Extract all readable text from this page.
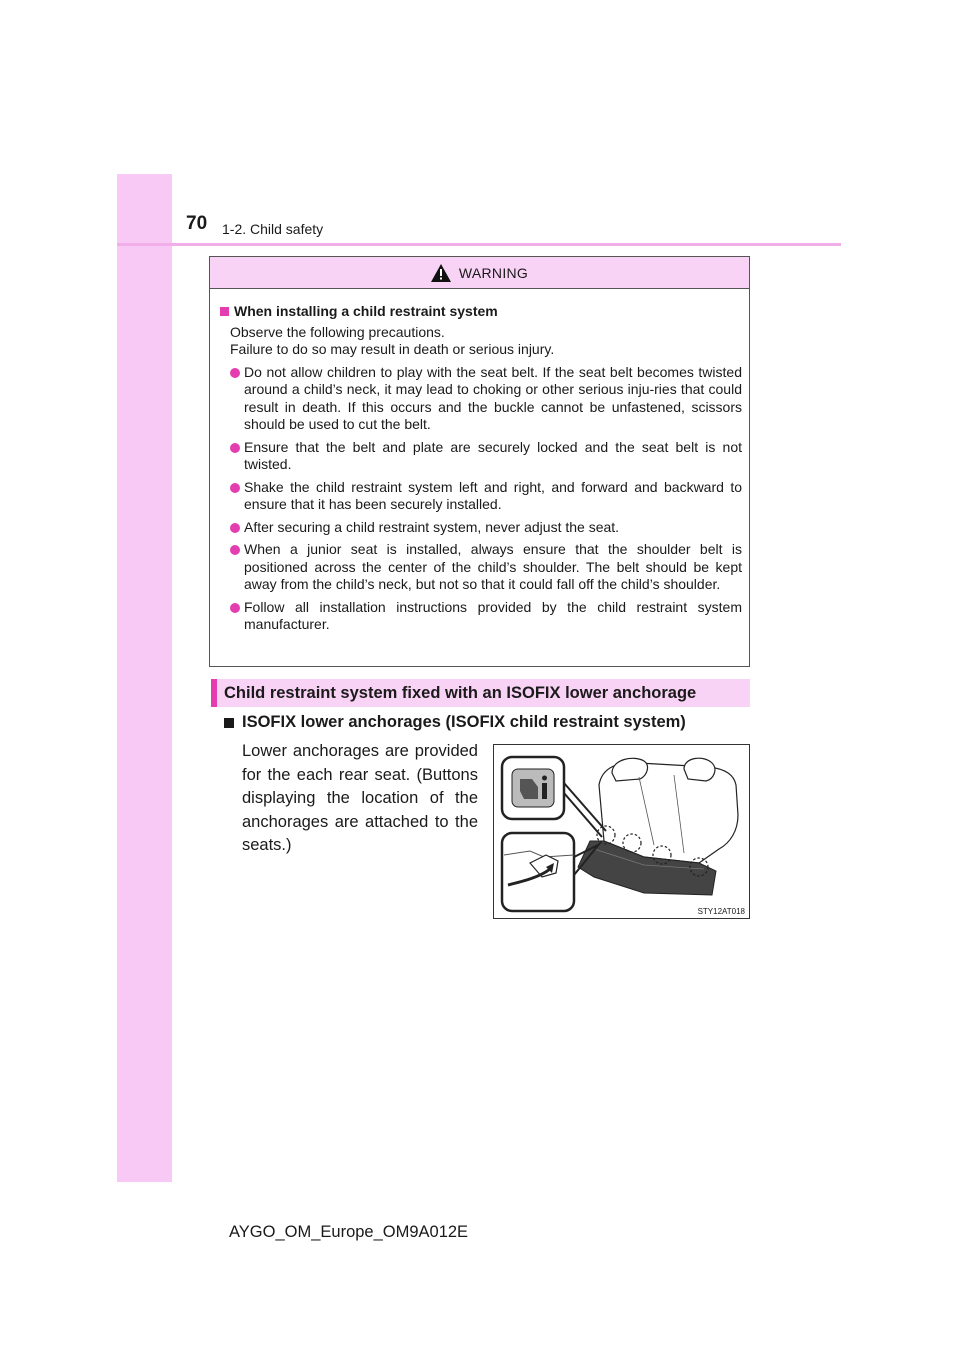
70 1-2. Child safety
WARNING
When installing a child restraint system
Observe the following precautions.
Failure to do so may result in death or serious injury.
Do not allow children to play with the seat belt. If the seat belt becomes twisted around a child’s neck, it may lead to choking or other serious inju-ries that could result in death. If this occurs and the buckle cannot be unfastened, scissors should be used to cut the belt.
Ensure that the belt and plate are securely locked and the seat belt is not twisted.
Shake the child restraint system left and right, and forward and backward to ensure that it has been securely installed.
After securing a child restraint system, never adjust the seat.
When a junior seat is installed, always ensure that the shoulder belt is positioned across the center of the child’s shoulder. The belt should be kept away from the child’s neck, but not so that it could fall off the child’s shoulder.
Follow all installation instructions provided by the child restraint system manufacturer.
Child restraint system fixed with an ISOFIX lower anchorage
ISOFIX lower anchorages (ISOFIX child restraint system)
Lower anchorages are provided for the each rear seat. (Buttons displaying the location of the anchorages are attached to the seats.)
STY12AT018
AYGO_OM_Europe_OM9A012E
